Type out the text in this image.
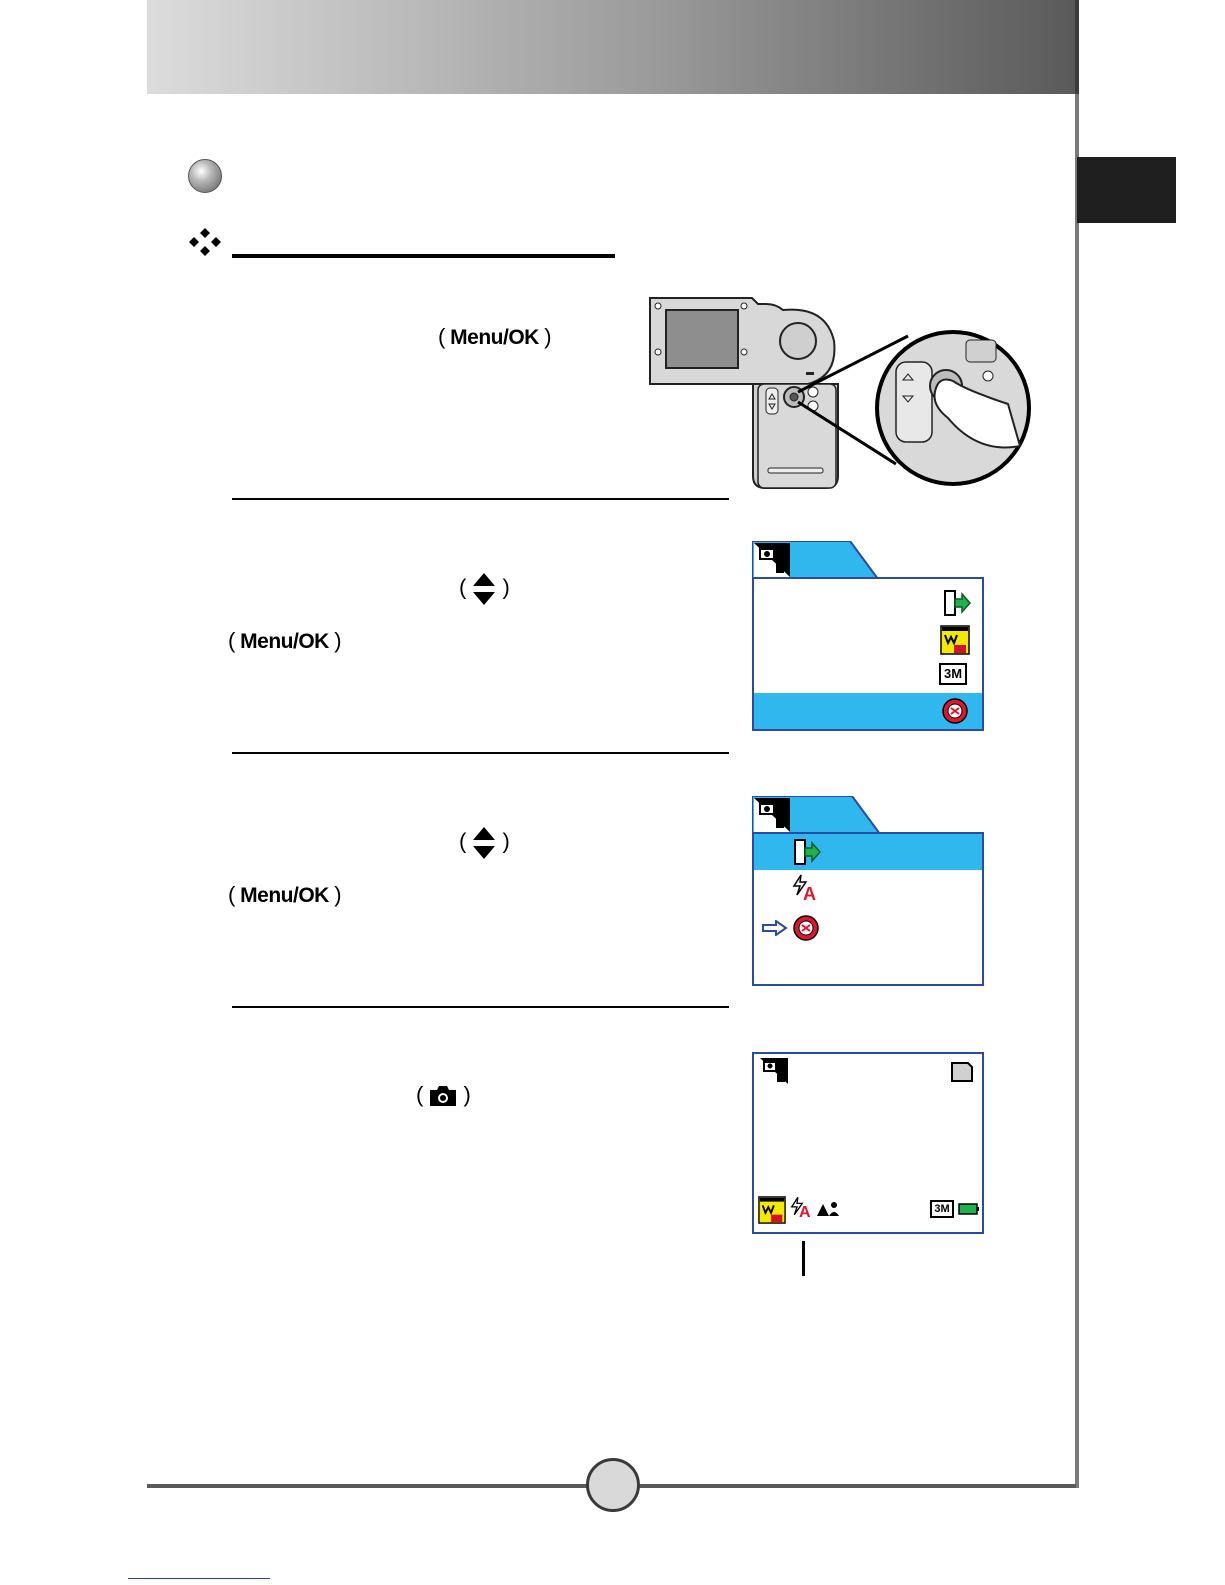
( Menu/OK )
( )
( Menu/OK )
3M
( )
( Menu/OK )	A
( )
A	3M
